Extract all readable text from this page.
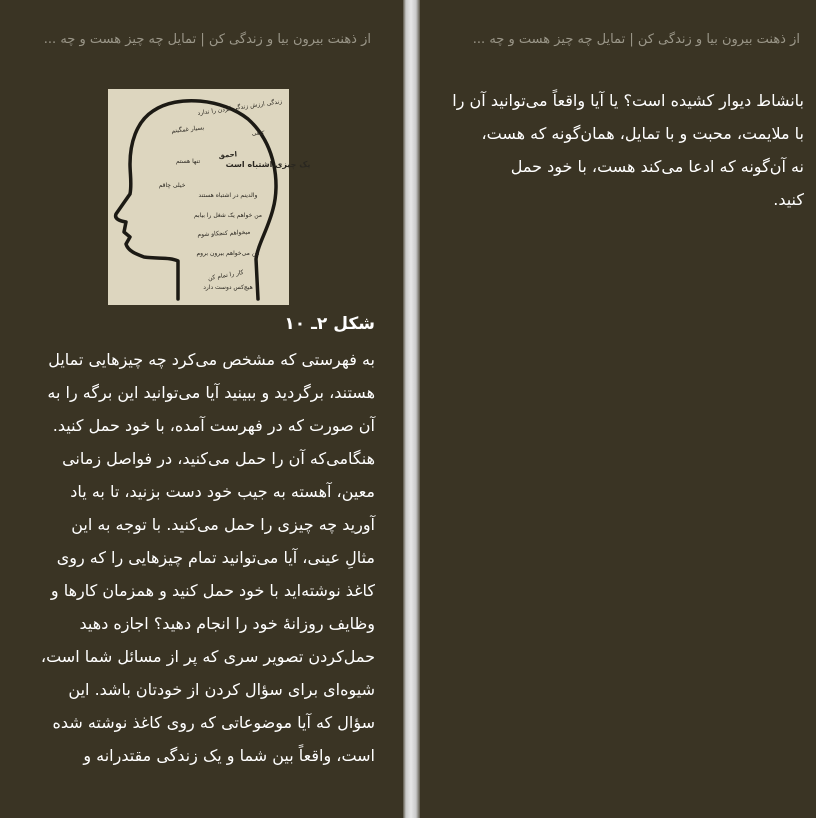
از ذهنت بیرون بیا و زندگی کن | تمایل چه چیز هست و چه ...
زندگی ارزش زندگی کردن را ندارد
بسیار غمگینم	کافی
احمق
تنها هستم	یک چیزی اشتباه است
خیلی چاقم
والدینم در اشتباه هستند
من خواهم یک شغل را بیابم
میخواهم کنجکاو شوم
من می‌خواهم بیرون بروم
کار را تمام کن
هیچ‌کس دوست دارد
شکل ۲ـ ۱۰
به فهرستی که مشخص می‌کرد چه چیزهایی تمایل
هستند، برگردید و ببینید آیا می‌توانید این برگه را به
آن صورت که در فهرست آمده، با خود حمل کنید.
هنگامی‌که آن را حمل می‌کنید، در فواصل زمانی
معین، آهسته به جیب خود دست بزنید، تا به یاد
آورید چه چیزی را حمل می‌کنید. با توجه به این
مثالِ عینی، آیا می‌توانید تمام چیزهایی را که روی
کاغذ نوشته‌اید با خود حمل کنید و همزمان کارها و
وظایف روزانهٔ خود را انجام دهید؟ اجازه دهید
حمل‌کردن تصویر سری که پر از مسائل شما است،
شیوه‌ای برای سؤال کردن از خودتان باشد. این
سؤال که آیا موضوعاتی که روی کاغذ نوشته شده
است، واقعاً بین شما و یک زندگی مقتدرانه و
از ذهنت بیرون بیا و زندگی کن | تمایل چه چیز هست و چه ...
بانشاط دیوار کشیده است؟ یا آیا واقعاً می‌توانید آن را
با ملایمت، محبت و با تمایل، همان‌گونه که هست،
نه آن‌گونه که ادعا می‌کند هست، با خود حمل
کنید.
